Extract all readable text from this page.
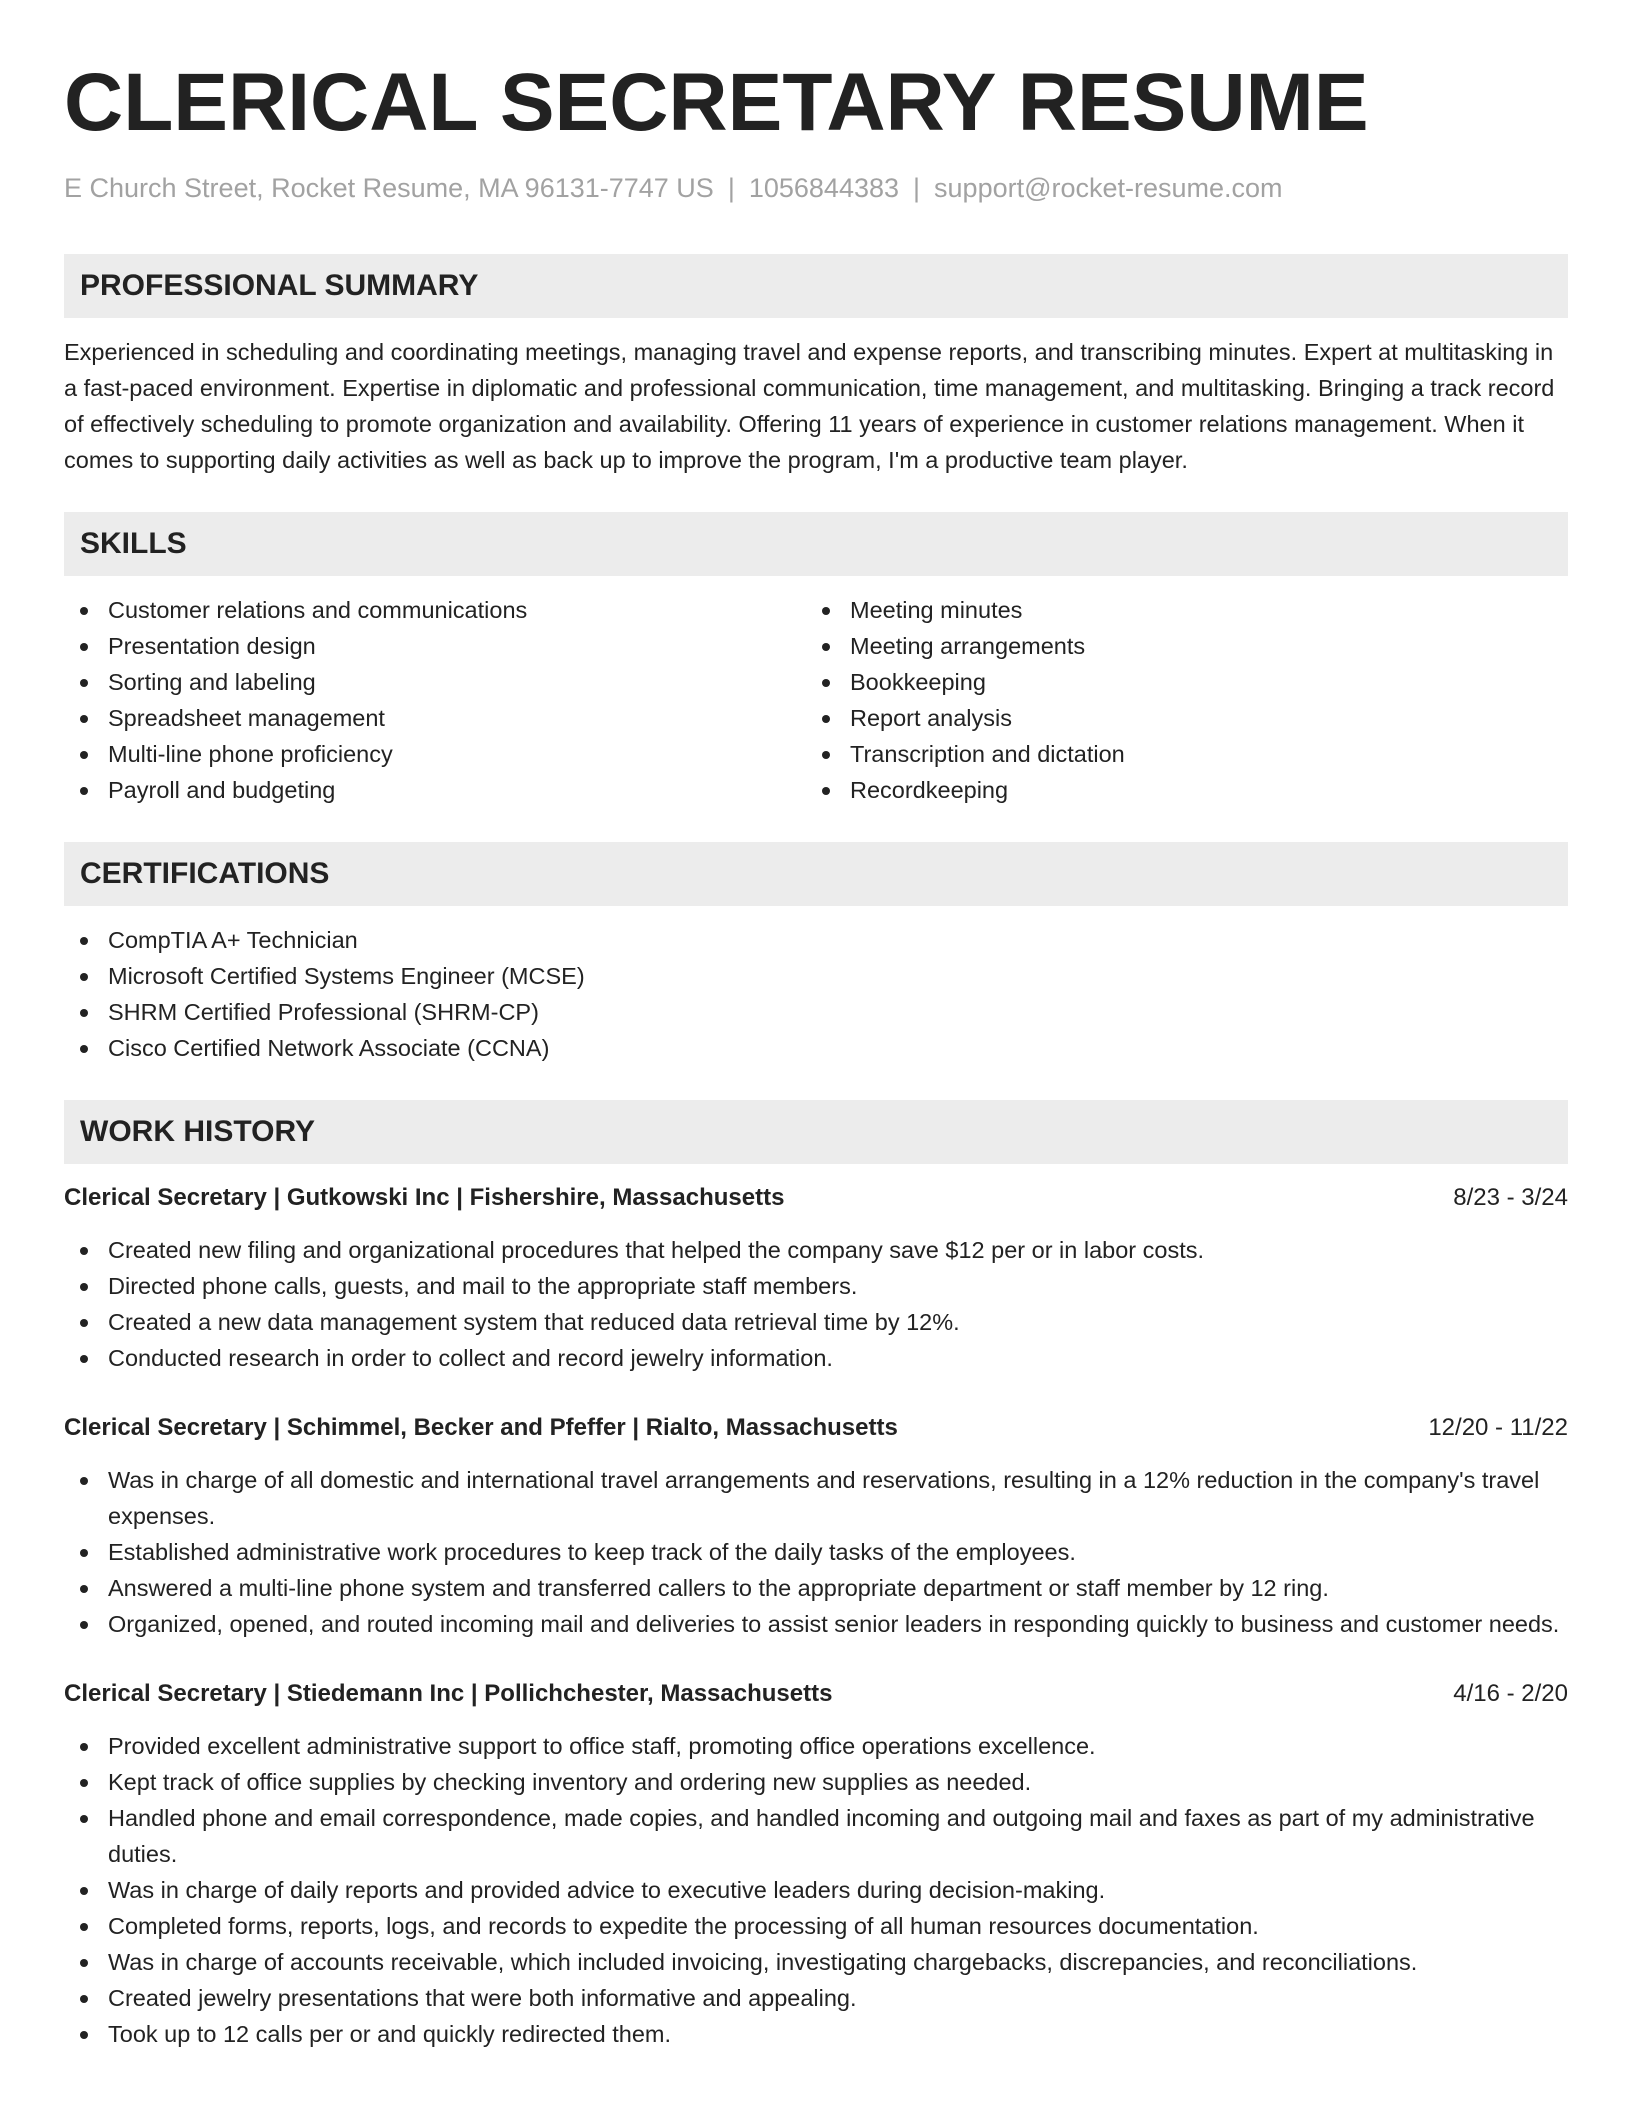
CLERICAL SECRETARY RESUME
E Church Street, Rocket Resume, MA 96131-7747 US | 1056844383 | support@rocket-resume.com
PROFESSIONAL SUMMARY

Experienced in scheduling and coordinating meetings, managing travel and expense reports, and transcribing minutes. Expert at multitasking in a fast-paced environment. Expertise in diplomatic and professional communication, time management, and multitasking. Bringing a track record of effectively scheduling to promote organization and availability. Offering 11 years of experience in customer relations management. When it comes to supporting daily activities as well as back up to improve the program, I'm a productive team player.

SKILLS
Customer relations and communications
Presentation design
Sorting and labeling
Spreadsheet management
Multi-line phone proficiency
Payroll and budgeting
Meeting minutes
Meeting arrangements
Bookkeeping
Report analysis
Transcription and dictation
Recordkeeping
CERTIFICATIONS
CompTIA A+ Technician
Microsoft Certified Systems Engineer (MCSE)
SHRM Certified Professional (SHRM-CP)
Cisco Certified Network Associate (CCNA)
WORK HISTORY
Clerical Secretary | Gutkowski Inc | Fishershire, Massachusetts	8/23 - 3/24
Created new filing and organizational procedures that helped the company save $12 per or in labor costs.
Directed phone calls, guests, and mail to the appropriate staff members.
Created a new data management system that reduced data retrieval time by 12%.
Conducted research in order to collect and record jewelry information.
Clerical Secretary | Schimmel, Becker and Pfeffer | Rialto, Massachusetts	12/20 - 11/22
Was in charge of all domestic and international travel arrangements and reservations, resulting in a 12% reduction in the company's travel expenses.
Established administrative work procedures to keep track of the daily tasks of the employees.
Answered a multi-line phone system and transferred callers to the appropriate department or staff member by 12 ring.
Organized, opened, and routed incoming mail and deliveries to assist senior leaders in responding quickly to business and customer needs.
Clerical Secretary | Stiedemann Inc | Pollichchester, Massachusetts	4/16 - 2/20
Provided excellent administrative support to office staff, promoting office operations excellence.
Kept track of office supplies by checking inventory and ordering new supplies as needed.
Handled phone and email correspondence, made copies, and handled incoming and outgoing mail and faxes as part of my administrative duties.
Was in charge of daily reports and provided advice to executive leaders during decision-making.
Completed forms, reports, logs, and records to expedite the processing of all human resources documentation.
Was in charge of accounts receivable, which included invoicing, investigating chargebacks, discrepancies, and reconciliations.
Created jewelry presentations that were both informative and appealing.
Took up to 12 calls per or and quickly redirected them.
